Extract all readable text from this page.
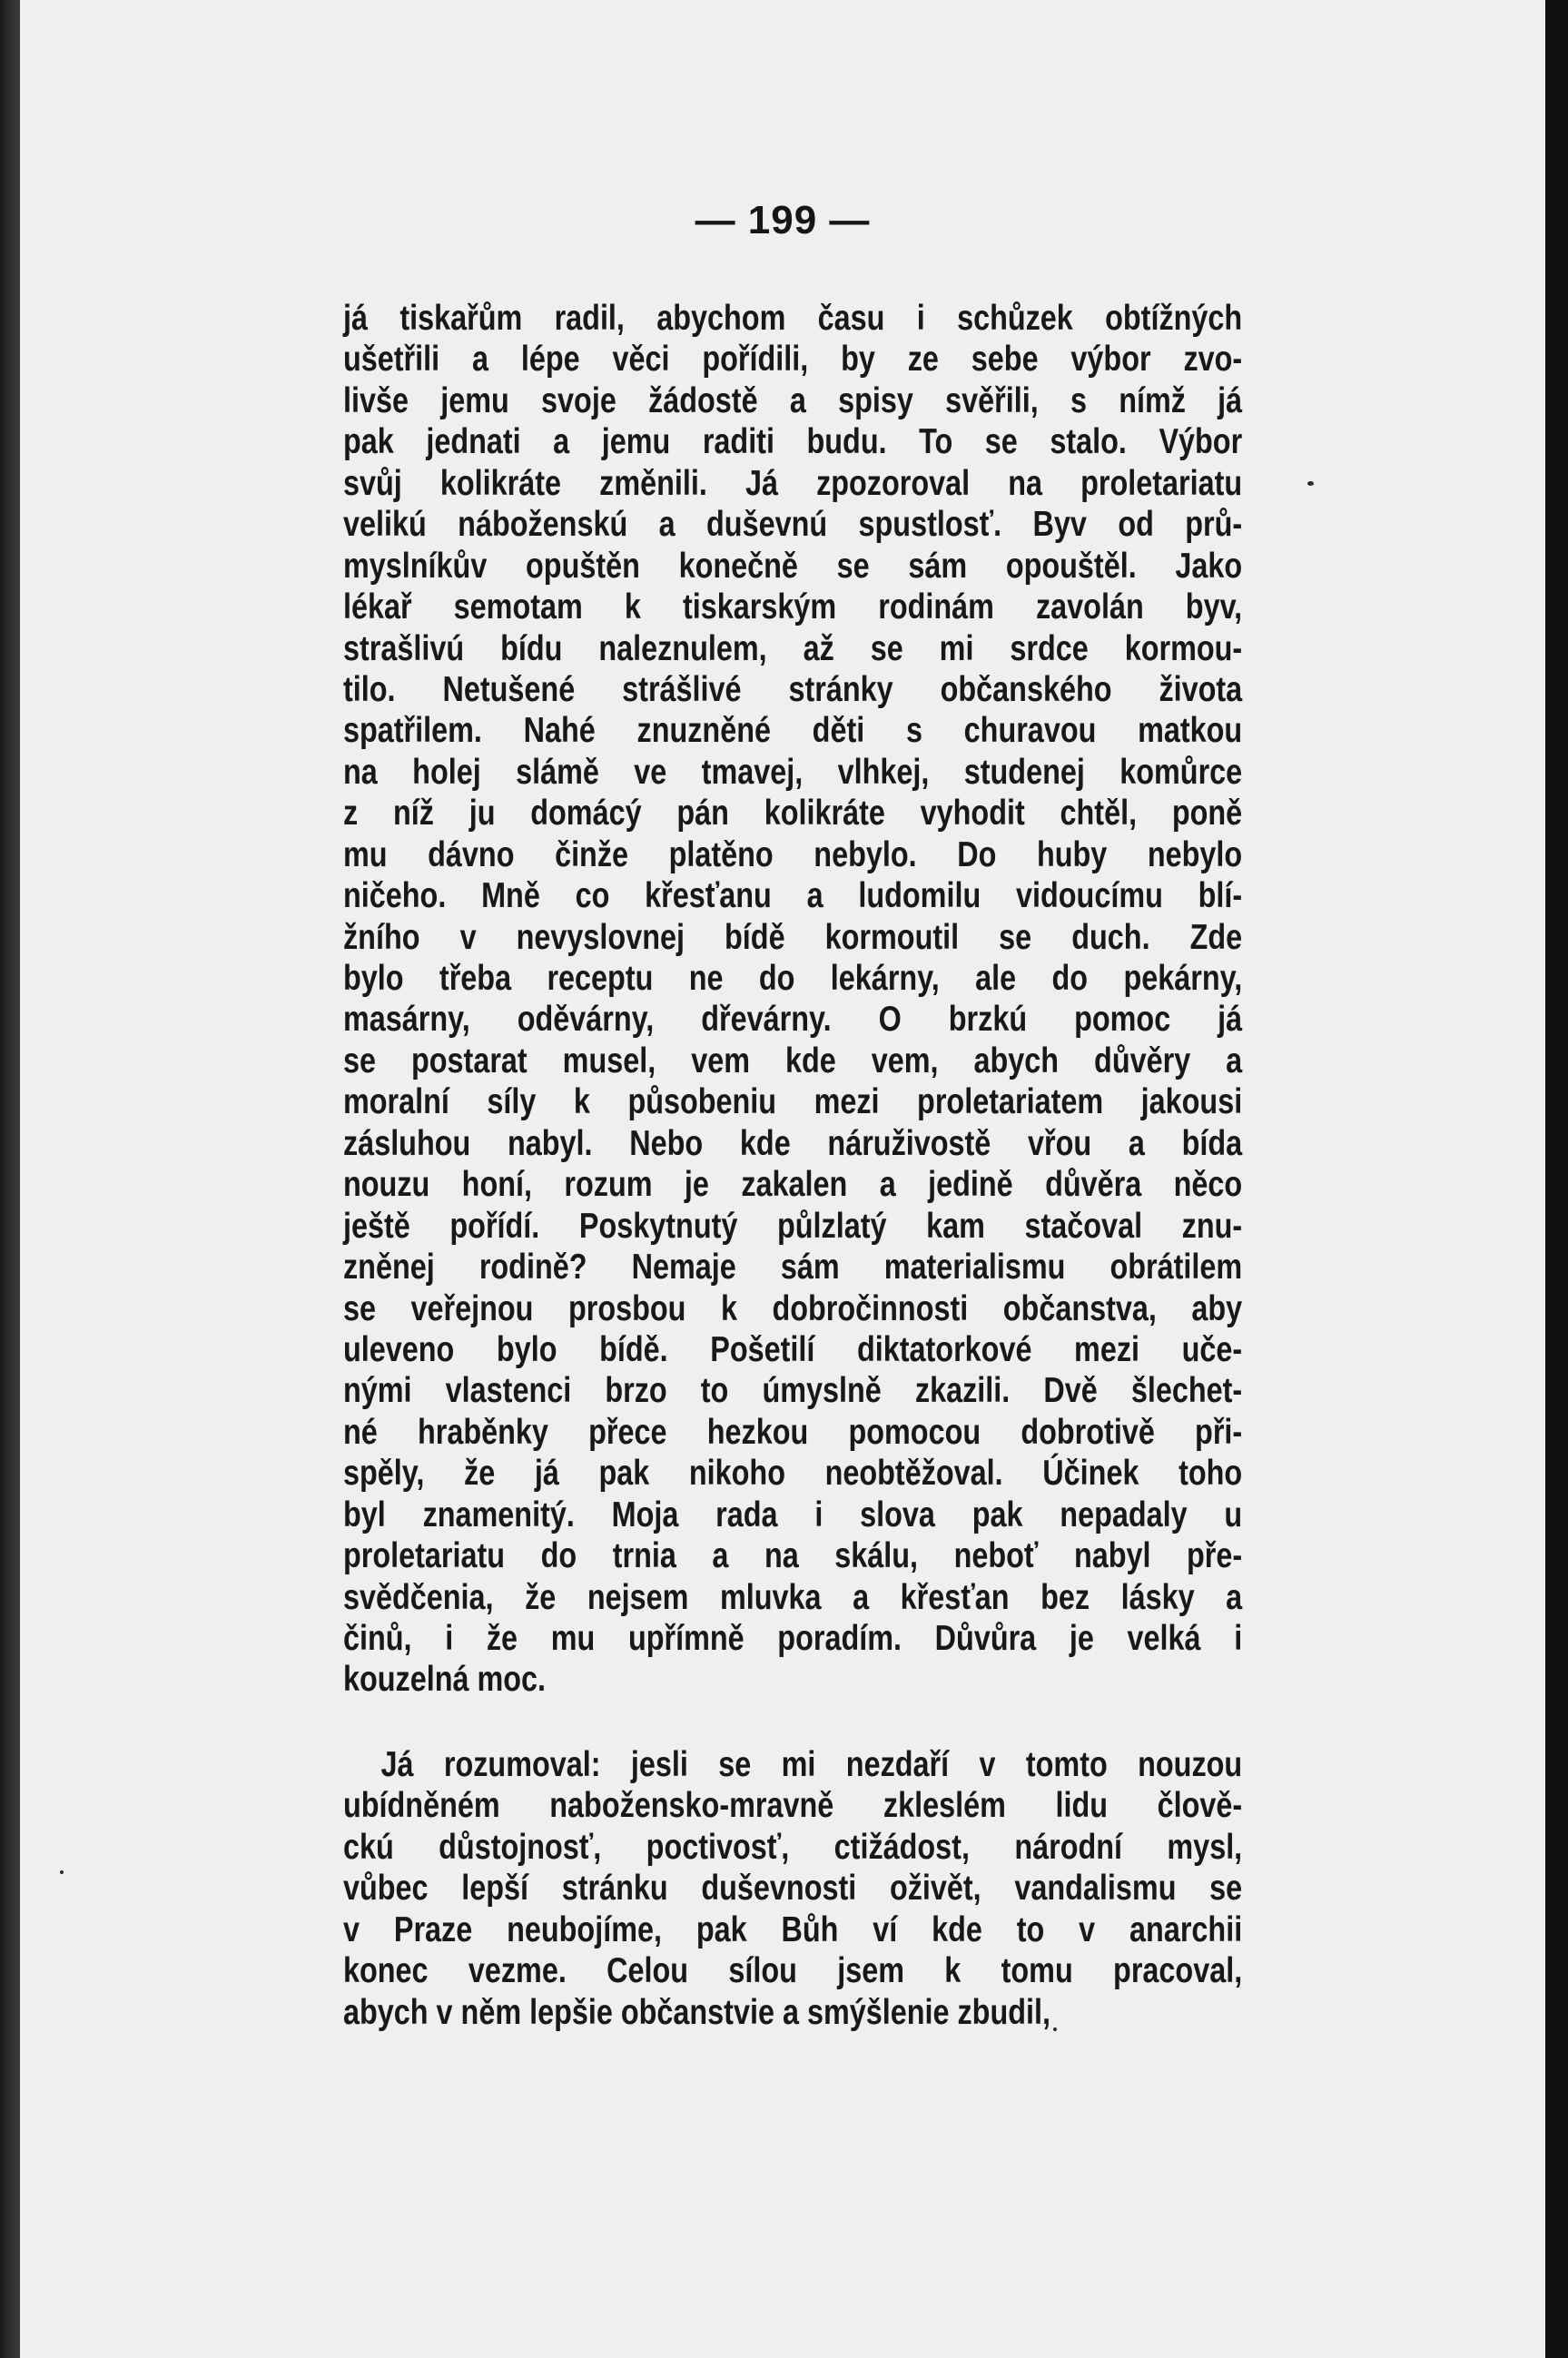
— 199 —
já tiskařům radil, abychom času i schůzek obtížných
ušetřili a lépe věci pořídili, by ze sebe výbor zvo-
livše jemu svoje žádostě a spisy svěřili, s nímž já
pak jednati a jemu raditi budu. To se stalo. Výbor
svůj kolikráte změnili. Já zpozoroval na proletariatu
velikú náboženskú a duševnú spustlosť. Byv od prů-
myslníkův opuštěn konečně se sám opouštěl. Jako
lékař semotam k tiskarským rodinám zavolán byv,
strašlivú bídu naleznulem, až se mi srdce kormou-
tilo. Netušené strášlivé stránky občanského života
spatřilem. Nahé znuzněné děti s churavou matkou
na holej slámě ve tmavej, vlhkej, studenej komůrce
z níž ju domácý pán kolikráte vyhodit chtěl, poně
mu dávno činže platěno nebylo. Do huby nebylo
ničeho. Mně co křesťanu a ludomilu vidoucímu blí-
žního v nevyslovnej bídě kormoutil se duch. Zde
bylo třeba receptu ne do lekárny, ale do pekárny,
masárny, oděvárny, dřevárny. O brzkú pomoc já
se postarat musel, vem kde vem, abych důvěry a
moralní síly k působeniu mezi proletariatem jakousi
zásluhou nabyl. Nebo kde náruživostě vřou a bída
nouzu honí, rozum je zakalen a jedině důvěra něco
ještě pořídí. Poskytnutý půlzlatý kam stačoval znu-
zněnej rodině? Nemaje sám materialismu obrátilem
se veřejnou prosbou k dobročinnosti občanstva, aby
uleveno bylo bídě. Pošetilí diktatorkové mezi uče-
nými vlastenci brzo to úmyslně zkazili. Dvě šlechet-
né hraběnky přece hezkou pomocou dobrotivě při-
spěly, že já pak nikoho neobtěžoval. Účinek toho
byl znamenitý. Moja rada i slova pak nepadaly u
proletariatu do trnia a na skálu, neboť nabyl pře-
svědčenia, že nejsem mluvka a křesťan bez lásky a
činů, i že mu upřímně poradím. Důvůra je velká i
kouzelná moc.
Já rozumoval: jesli se mi nezdaří v tomto nouzou
ubídněném nabožensko-mravně zkleslém lidu člově-
ckú důstojnosť, poctivosť, ctižádost, národní mysl,
vůbec lepší stránku duševnosti oživět, vandalismu se
v Praze neubojíme, pak Bůh ví kde to v anarchii
konec vezme. Celou sílou jsem k tomu pracoval,
abych v něm lepšie občanstvie a smýšlenie zbudil,
